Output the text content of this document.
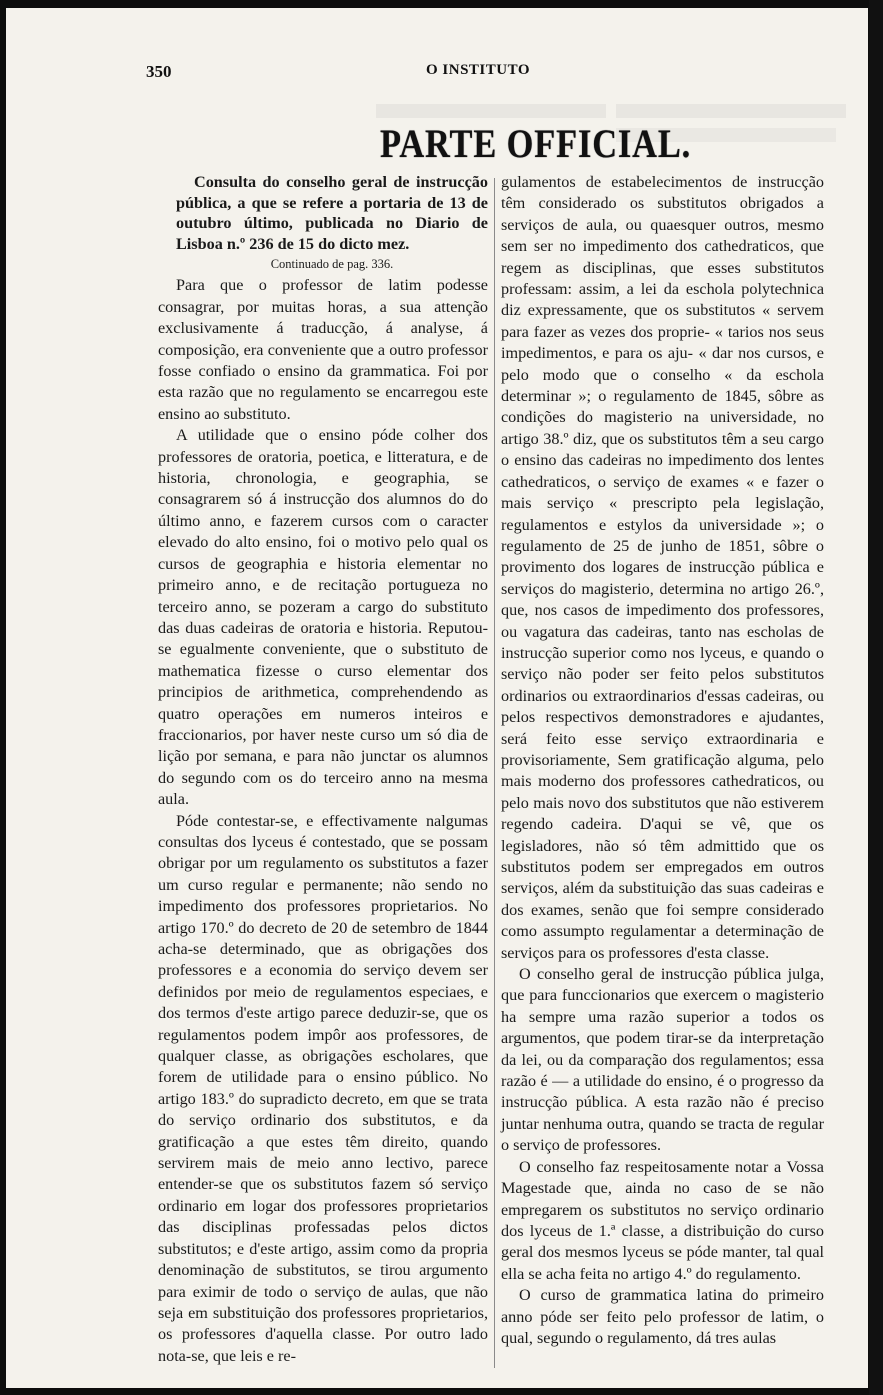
350	O INSTITUTO
PARTE OFFICIAL.

Consulta do conselho geral de instrucção pública, a que se refere a portaria de 13 de outubro último, publicada no Diario de Lisboa n.º 236 de 15 do dicto mez.

Continuado de pag. 336.

Para que o professor de latim podesse consagrar, por muitas horas, a sua attenção exclusivamente á traducção, á analyse, á composição, era conveniente que a outro professor fosse confiado o ensino da grammatica. Foi por esta razão que no regulamento se encarregou este ensino ao substituto.

A utilidade que o ensino póde colher dos professores de oratoria, poetica, e litteratura, e de historia, chronologia, e geographia, se consagrarem só á instrucção dos alumnos do do último anno, e fazerem cursos com o caracter elevado do alto ensino, foi o motivo pelo qual os cursos de geographia e historia elementar no primeiro anno, e de recitação portugueza no terceiro anno, se pozeram a cargo do substituto das duas cadeiras de oratoria e historia. Reputou-se egualmente conveniente, que o substituto de mathematica fizesse o curso elementar dos principios de arithmetica, comprehendendo as quatro operações em numeros inteiros e fraccionarios, por haver neste curso um só dia de lição por semana, e para não junctar os alumnos do segundo com os do terceiro anno na mesma aula.

Póde contestar-se, e effectivamente nalgumas consultas dos lyceus é contestado, que se possam obrigar por um regulamento os substitutos a fazer um curso regular e permanente; não sendo no impedimento dos professores proprietarios. No artigo 170.º do decreto de 20 de setembro de 1844 acha-se determinado, que as obrigações dos professores e a economia do serviço devem ser definidos por meio de regulamentos especiaes, e dos termos d'este artigo parece deduzir-se, que os regulamentos podem impôr aos professores, de qualquer classe, as obrigações escholares, que forem de utilidade para o ensino público. No artigo 183.º do supradicto decreto, em que se trata do serviço ordinario dos substitutos, e da gratificação a que estes têm direito, quando servirem mais de meio anno lectivo, parece entender-se que os substitutos fazem só serviço ordinario em logar dos professores proprietarios das disciplinas professadas pelos dictos substitutos; e d'este artigo, assim como da propria denominação de substitutos, se tirou argumento para eximir de todo o serviço de aulas, que não seja em substituição dos professores proprietarios, os professores d'aquella classe. Por outro lado nota-se, que leis e re-

gulamentos de estabelecimentos de instrucção têm considerado os substitutos obrigados a serviços de aula, ou quaesquer outros, mesmo sem ser no impedimento dos cathedraticos, que regem as disciplinas, que esses substitutos professam: assim, a lei da eschola polytechnica diz expressamente, que os substitutos « servem para fazer as vezes dos proprie- « tarios nos seus impedimentos, e para os aju- « dar nos cursos, e pelo modo que o conselho « da eschola determinar »; o regulamento de 1845, sôbre as condições do magisterio na universidade, no artigo 38.º diz, que os substitutos têm a seu cargo o ensino das cadeiras no impedimento dos lentes cathedraticos, o serviço de exames « e fazer o mais serviço « prescripto pela legislação, regulamentos e estylos da universidade »; o regulamento de 25 de junho de 1851, sôbre o provimento dos logares de instrucção pública e serviços do magisterio, determina no artigo 26.º, que, nos casos de impedimento dos professores, ou vagatura das cadeiras, tanto nas escholas de instrucção superior como nos lyceus, e quando o serviço não poder ser feito pelos substitutos ordinarios ou extraordinarios d'essas cadeiras, ou pelos respectivos demonstradores e ajudantes, será feito esse serviço extraordinaria e provisoriamente, Sem gratificação alguma, pelo mais moderno dos professores cathedraticos, ou pelo mais novo dos substitutos que não estiverem regendo cadeira. D'aqui se vê, que os legisladores, não só têm admittido que os substitutos podem ser empregados em outros serviços, além da substituição das suas cadeiras e dos exames, senão que foi sempre considerado como assumpto regulamentar a determinação de serviços para os professores d'esta classe.

O conselho geral de instrucção pública julga, que para funccionarios que exercem o magisterio ha sempre uma razão superior a todos os argumentos, que podem tirar-se da interpretação da lei, ou da comparação dos regulamentos; essa razão é — a utilidade do ensino, é o progresso da instrucção pública. A esta razão não é preciso juntar nenhuma outra, quando se tracta de regular o serviço de professores.

O conselho faz respeitosamente notar a Vossa Magestade que, ainda no caso de se não empregarem os substitutos no serviço ordinario dos lyceus de 1.ª classe, a distribuição do curso geral dos mesmos lyceus se póde manter, tal qual ella se acha feita no artigo 4.º do regulamento.

O curso de grammatica latina do primeiro anno póde ser feito pelo professor de latim, o qual, segundo o regulamento, dá tres aulas
